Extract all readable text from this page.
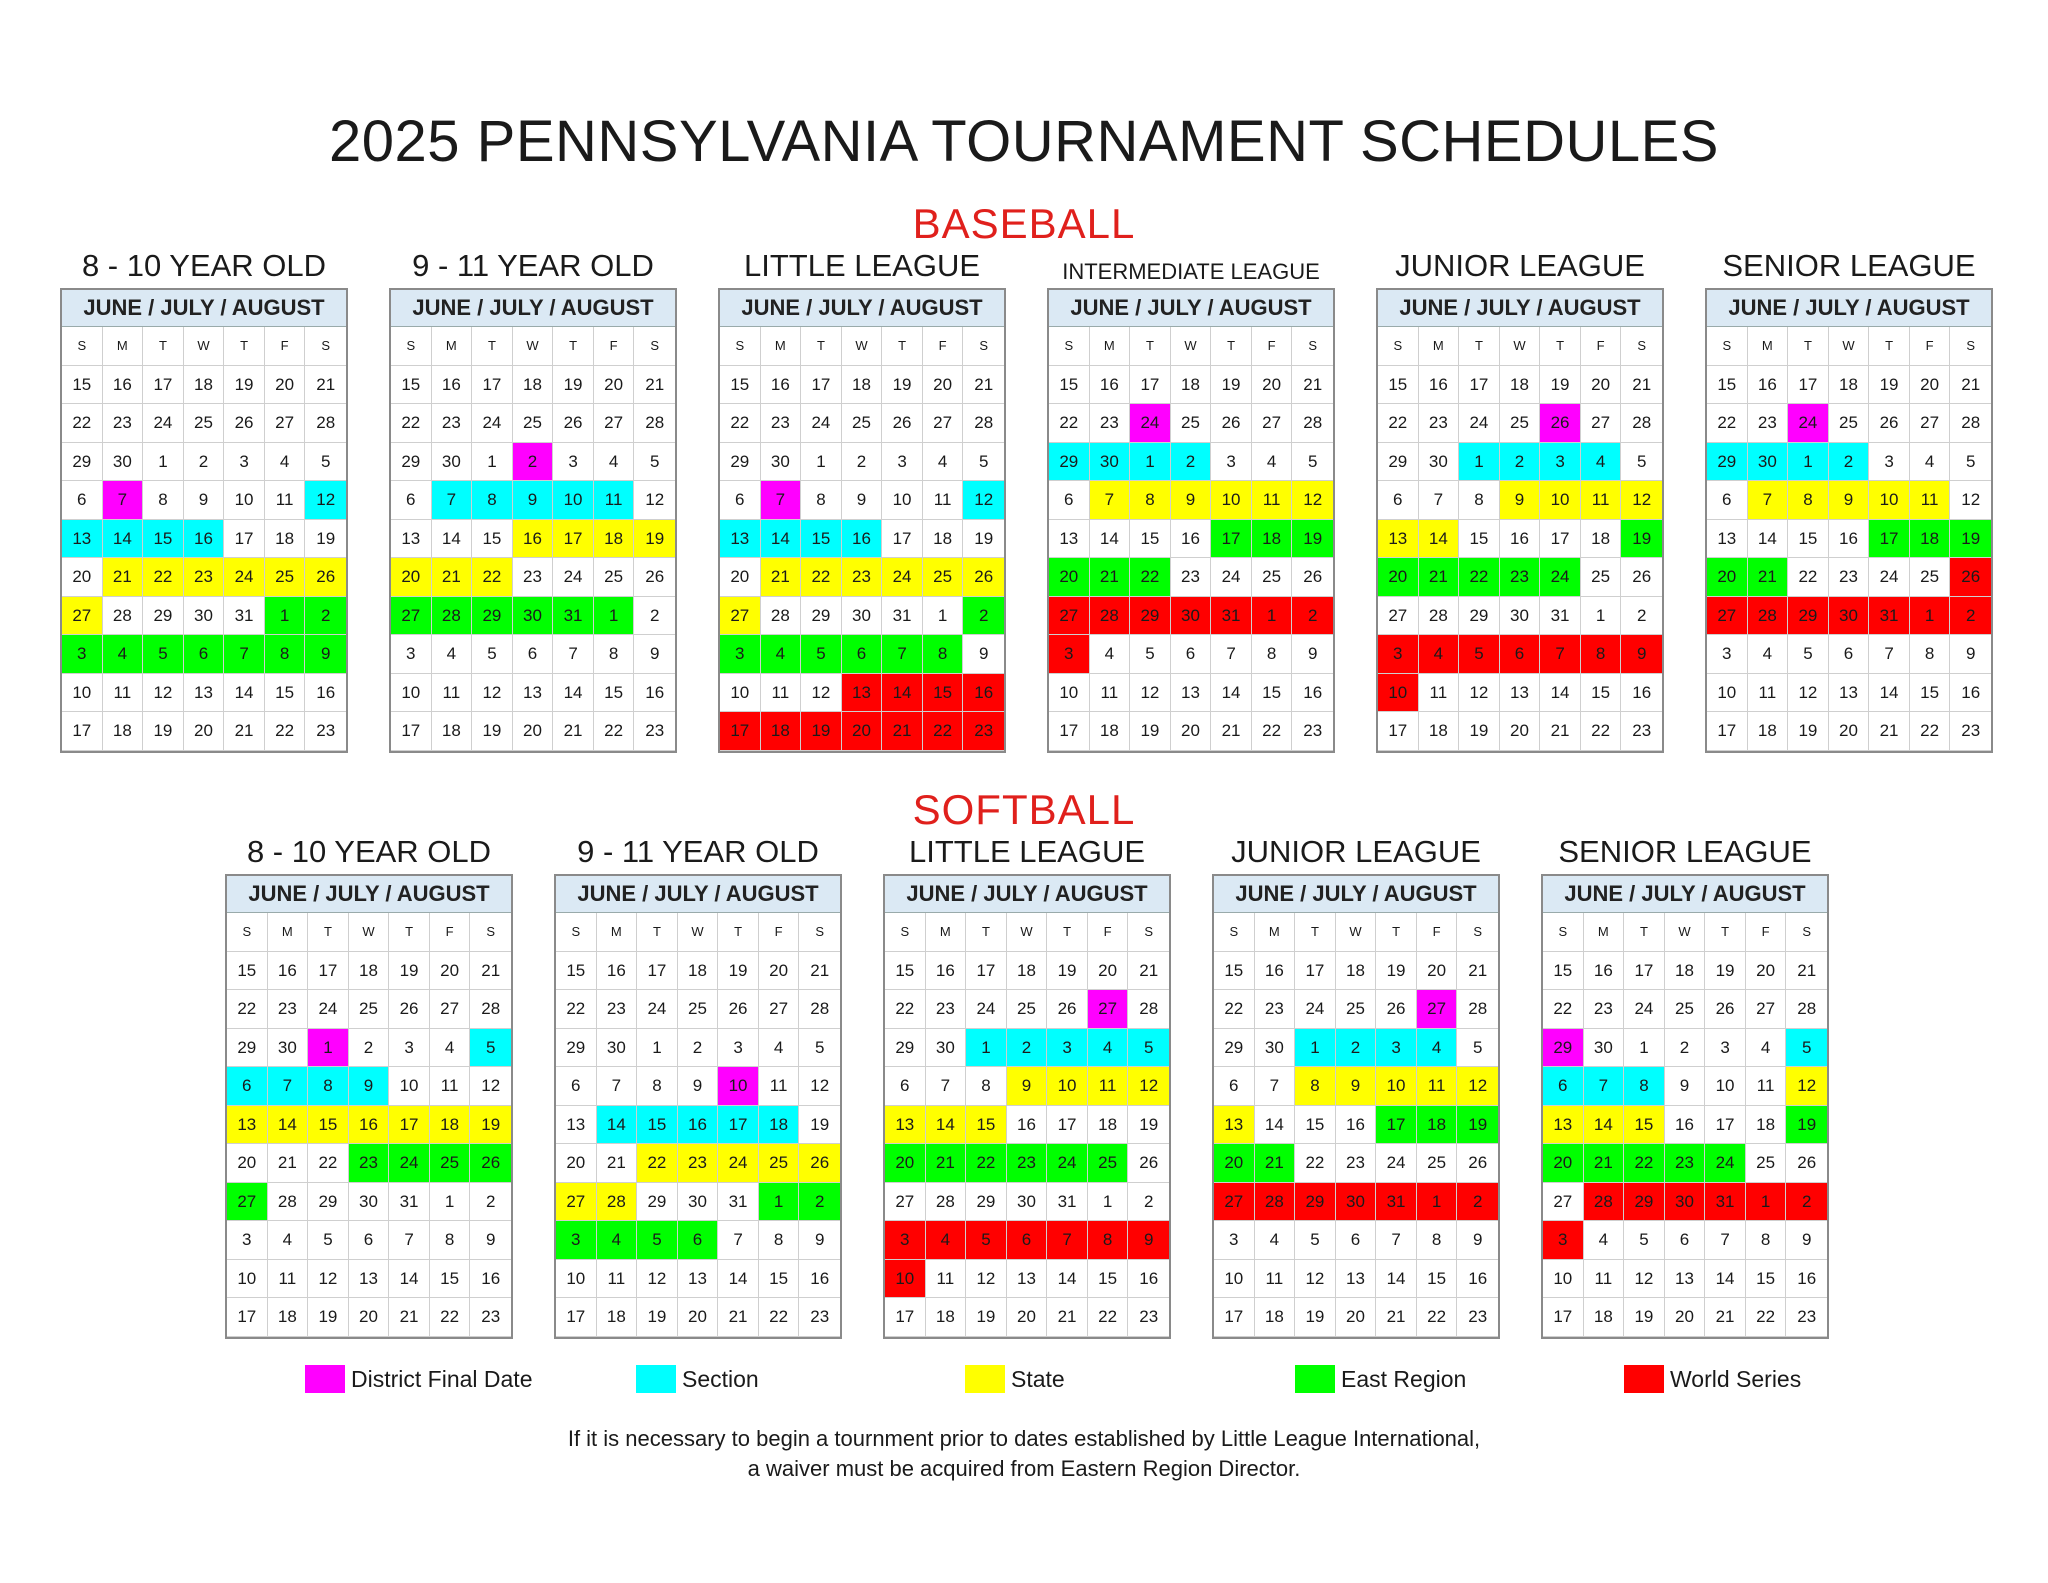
2025 PENNSYLVANIA TOURNAMENT SCHEDULES
BASEBALL
SOFTBALL
8 - 10 YEAR OLD
JUNE / JULY / AUGUST
S	M	T	W	T	F	S
15	16	17	18	19	20	21
22	23	24	25	26	27	28
29	30	1	2	3	4	5
6	7	8	9	10	11	12
13	14	15	16	17	18	19
20	21	22	23	24	25	26
27	28	29	30	31	1	2
3	4	5	6	7	8	9
10	11	12	13	14	15	16
17	18	19	20	21	22	23
9 - 11 YEAR OLD
JUNE / JULY / AUGUST
S	M	T	W	T	F	S
15	16	17	18	19	20	21
22	23	24	25	26	27	28
29	30	1	2	3	4	5
6	7	8	9	10	11	12
13	14	15	16	17	18	19
20	21	22	23	24	25	26
27	28	29	30	31	1	2
3	4	5	6	7	8	9
10	11	12	13	14	15	16
17	18	19	20	21	22	23
LITTLE LEAGUE
JUNE / JULY / AUGUST
S	M	T	W	T	F	S
15	16	17	18	19	20	21
22	23	24	25	26	27	28
29	30	1	2	3	4	5
6	7	8	9	10	11	12
13	14	15	16	17	18	19
20	21	22	23	24	25	26
27	28	29	30	31	1	2
3	4	5	6	7	8	9
10	11	12	13	14	15	16
17	18	19	20	21	22	23
INTERMEDIATE LEAGUE
JUNE / JULY / AUGUST
S	M	T	W	T	F	S
15	16	17	18	19	20	21
22	23	24	25	26	27	28
29	30	1	2	3	4	5
6	7	8	9	10	11	12
13	14	15	16	17	18	19
20	21	22	23	24	25	26
27	28	29	30	31	1	2
3	4	5	6	7	8	9
10	11	12	13	14	15	16
17	18	19	20	21	22	23
JUNIOR LEAGUE
JUNE / JULY / AUGUST
S	M	T	W	T	F	S
15	16	17	18	19	20	21
22	23	24	25	26	27	28
29	30	1	2	3	4	5
6	7	8	9	10	11	12
13	14	15	16	17	18	19
20	21	22	23	24	25	26
27	28	29	30	31	1	2
3	4	5	6	7	8	9
10	11	12	13	14	15	16
17	18	19	20	21	22	23
SENIOR LEAGUE
JUNE / JULY / AUGUST
S	M	T	W	T	F	S
15	16	17	18	19	20	21
22	23	24	25	26	27	28
29	30	1	2	3	4	5
6	7	8	9	10	11	12
13	14	15	16	17	18	19
20	21	22	23	24	25	26
27	28	29	30	31	1	2
3	4	5	6	7	8	9
10	11	12	13	14	15	16
17	18	19	20	21	22	23
8 - 10 YEAR OLD
JUNE / JULY / AUGUST
S	M	T	W	T	F	S
15	16	17	18	19	20	21
22	23	24	25	26	27	28
29	30	1	2	3	4	5
6	7	8	9	10	11	12
13	14	15	16	17	18	19
20	21	22	23	24	25	26
27	28	29	30	31	1	2
3	4	5	6	7	8	9
10	11	12	13	14	15	16
17	18	19	20	21	22	23
9 - 11 YEAR OLD
JUNE / JULY / AUGUST
S	M	T	W	T	F	S
15	16	17	18	19	20	21
22	23	24	25	26	27	28
29	30	1	2	3	4	5
6	7	8	9	10	11	12
13	14	15	16	17	18	19
20	21	22	23	24	25	26
27	28	29	30	31	1	2
3	4	5	6	7	8	9
10	11	12	13	14	15	16
17	18	19	20	21	22	23
LITTLE LEAGUE
JUNE / JULY / AUGUST
S	M	T	W	T	F	S
15	16	17	18	19	20	21
22	23	24	25	26	27	28
29	30	1	2	3	4	5
6	7	8	9	10	11	12
13	14	15	16	17	18	19
20	21	22	23	24	25	26
27	28	29	30	31	1	2
3	4	5	6	7	8	9
10	11	12	13	14	15	16
17	18	19	20	21	22	23
JUNIOR LEAGUE
JUNE / JULY / AUGUST
S	M	T	W	T	F	S
15	16	17	18	19	20	21
22	23	24	25	26	27	28
29	30	1	2	3	4	5
6	7	8	9	10	11	12
13	14	15	16	17	18	19
20	21	22	23	24	25	26
27	28	29	30	31	1	2
3	4	5	6	7	8	9
10	11	12	13	14	15	16
17	18	19	20	21	22	23
SENIOR LEAGUE
JUNE / JULY / AUGUST
S	M	T	W	T	F	S
15	16	17	18	19	20	21
22	23	24	25	26	27	28
29	30	1	2	3	4	5
6	7	8	9	10	11	12
13	14	15	16	17	18	19
20	21	22	23	24	25	26
27	28	29	30	31	1	2
3	4	5	6	7	8	9
10	11	12	13	14	15	16
17	18	19	20	21	22	23
District Final Date	Section	State	East Region	World Series
If it is necessary to begin a tournment prior to dates established by Little League International,
a waiver must be acquired from Eastern Region Director.
